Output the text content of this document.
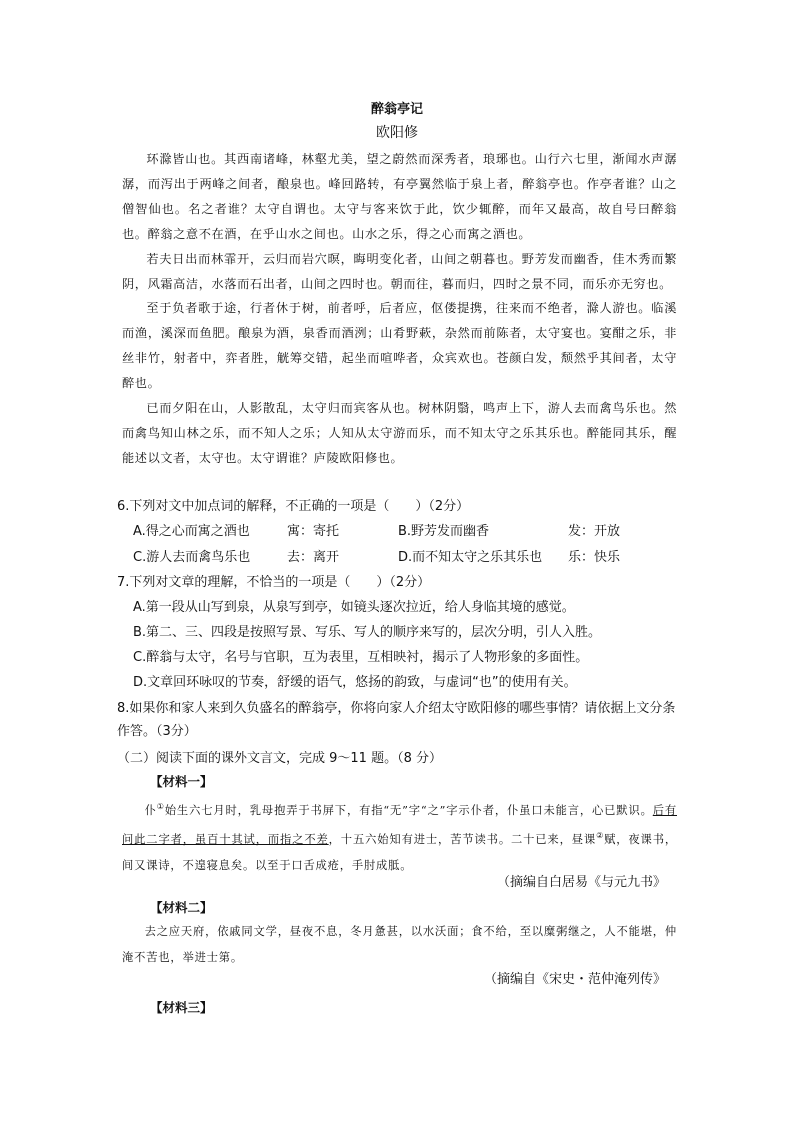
醉翁亭记
欧阳修

环滁皆山也。其西南诸峰，林壑尤美，望之蔚然而深秀者，琅琊也。山行六七里，渐闻水声潺潺，而泻出于两峰之间者，酿泉也。峰回路转，有亭翼然临于泉上者，醉翁亭也。作亭者谁？山之僧智仙也。名之者谁？太守自谓也。太守与客来饮于此，饮少辄醉，而年又最高，故自号曰醉翁也。醉翁之意不在酒，在乎山水之间也。山水之乐，得之心而寓之酒也。

若夫日出而林霏开，云归而岩穴暝，晦明变化者，山间之朝暮也。野芳发而幽香，佳木秀而繁阴，风霜高洁，水落而石出者，山间之四时也。朝而往，暮而归，四时之景不同，而乐亦无穷也。

至于负者歌于途，行者休于树，前者呼，后者应，伛偻提携，往来而不绝者，滁人游也。临溪而渔，溪深而鱼肥。酿泉为酒，泉香而酒洌；山肴野蔌，杂然而前陈者，太守宴也。宴酣之乐，非丝非竹，射者中，弈者胜，觥筹交错，起坐而喧哗者，众宾欢也。苍颜白发，颓然乎其间者，太守醉也。

已而夕阳在山，人影散乱，太守归而宾客从也。树林阴翳，鸣声上下，游人去而禽鸟乐也。然而禽鸟知山林之乐，而不知人之乐；人知从太守游而乐，而不知太守之乐其乐也。醉能同其乐，醒能述以文者，太守也。太守谓谁？庐陵欧阳修也。

6.下列对文中加点词的解释，不正确的一项是（　　）（2分）
A.得之心而寓之酒也	寓：寄托	B.野芳发而幽香	发：开放
C.游人去而禽鸟乐也	去：离开	D.而不知太守之乐其乐也 乐：快乐
7.下列对文章的理解，不恰当的一项是（　　）（2分）
A.第一段从山写到泉，从泉写到亭，如镜头逐次拉近，给人身临其境的感觉。
B.第二、三、四段是按照写景、写乐、写人的顺序来写的，层次分明，引人入胜。
C.醉翁与太守，名号与官职，互为表里，互相映衬，揭示了人物形象的多面性。
D.文章回环咏叹的节奏，舒缓的语气，悠扬的韵致，与虚词“也”的使用有关。
8.如果你和家人来到久负盛名的醉翁亭，你将向家人介绍太守欧阳修的哪些事情？请依据上文分条作答。（3分）
（二）阅读下面的课外文言文，完成 9～11 题。（8 分）
【材料一】

仆①始生六七月时，乳母抱弄于书屏下，有指“无”字“之”字示仆者，仆虽口未能言，心已默识。后有问此二字者，虽百十其试，而指之不差，十五六始知有进士，苦节读书。二十已来，昼课②赋，夜课书，间又课诗，不遑寝息矣。以至于口舌成疮，手肘成胝。

（摘编自白居易《与元九书》
【材料二】

去之应天府，依戚同文学，昼夜不息，冬月惫甚，以水沃面；食不给，至以糜粥继之，人不能堪，仲淹不苦也，举进士第。

（摘编自《宋史・范仲淹列传》
【材料三】
